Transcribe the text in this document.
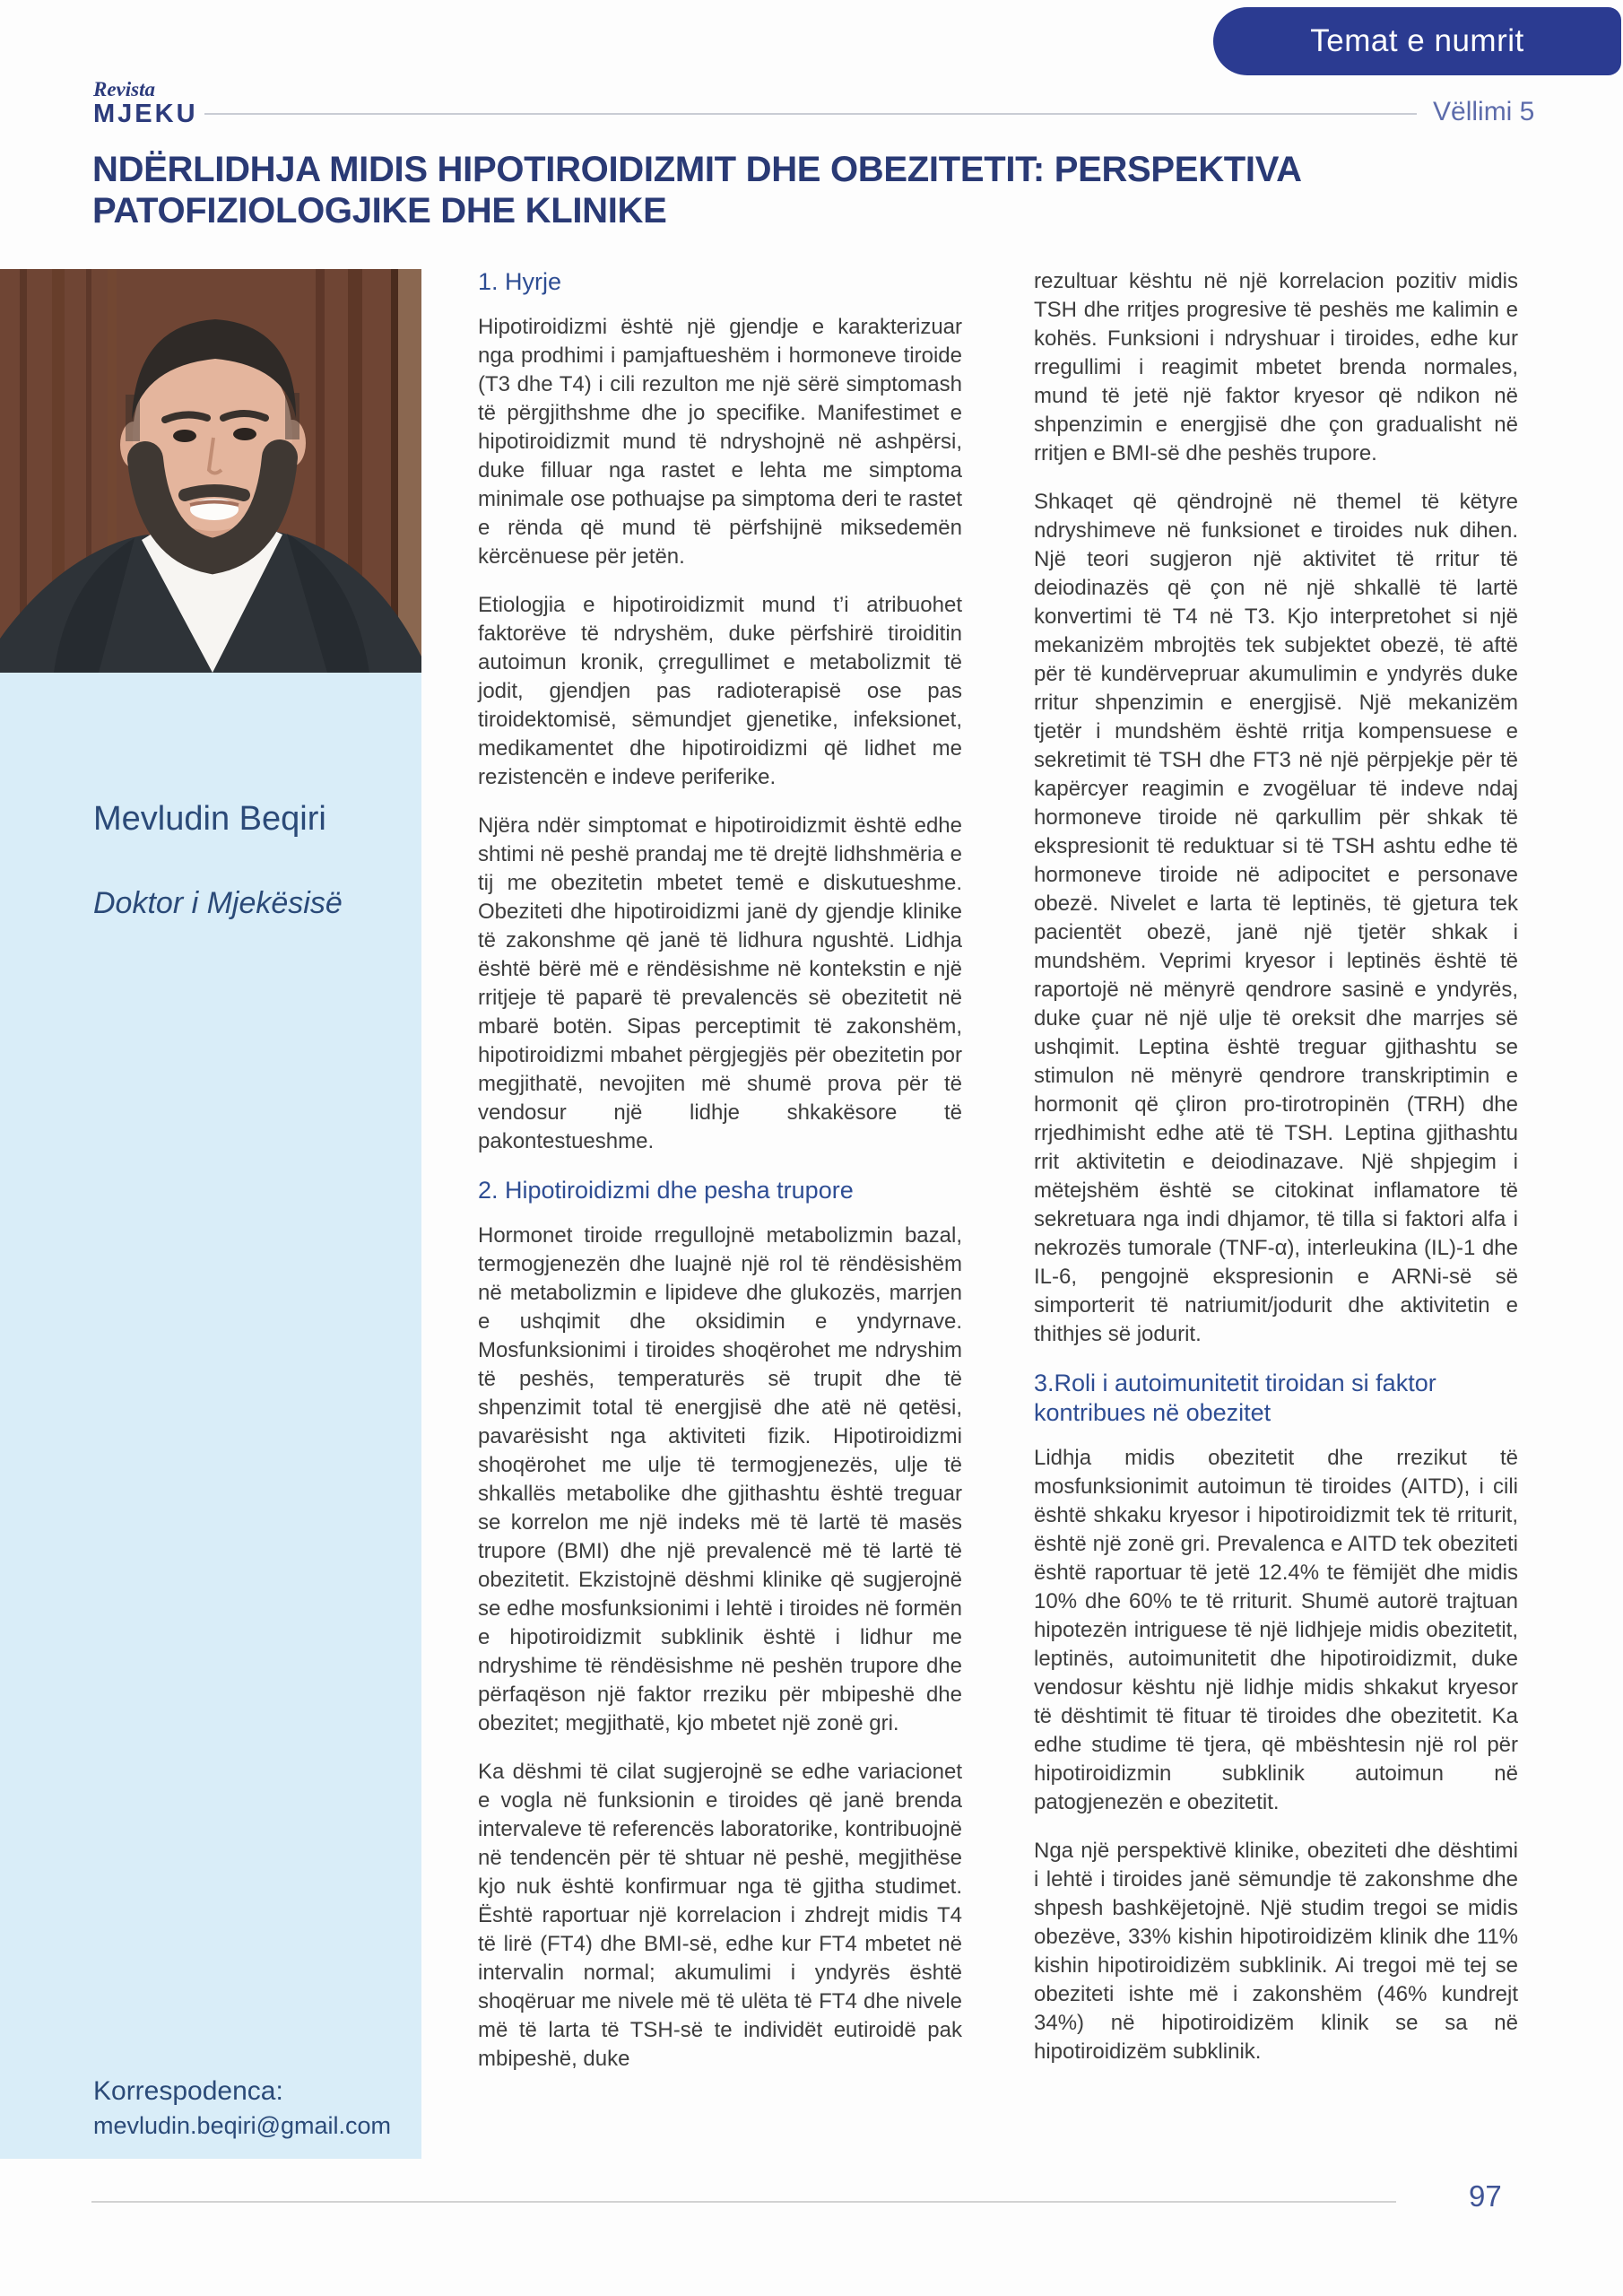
Temat e numrit
Revista
MJEKU	Vëllimi 5
NDËRLIDHJA MIDIS HIPOTIROIDIZMIT DHE OBEZITETIT: PERSPEKTIVA
PATOFIZIOLOGJIKE DHE KLINIKE
Mevludin Beqiri
Doktor i Mjekësisë
Korrespodenca:
mevludin.beqiri@gmail.com
1. Hyrje

Hipotiroidizmi është një gjendje e karakterizuar nga prodhimi i pamjaftueshëm i hormoneve tiroide (T3 dhe T4) i cili rezulton me një sërë simptomash të përgjithshme dhe jo specifike. Manifestimet e hipotiroidizmit mund të ndryshojnë në ashpërsi, duke filluar nga rastet e lehta me simptoma minimale ose pothuajse pa simptoma deri te rastet e rënda që mund të përfshijnë miksedemën kërcënuese për jetën.

Etiologjia e hipotiroidizmit mund t’i atribuohet faktorëve të ndryshëm, duke përfshirë tiroiditin autoimun kronik, çrregullimet e metabolizmit të jodit, gjendjen pas radioterapisë ose pas tiroidektomisë, sëmundjet gjenetike, infeksionet, medikamentet dhe hipotiroidizmi që lidhet me rezistencën e indeve periferike.

Njëra ndër simptomat e hipotiroidizmit është edhe shtimi në peshë prandaj me të drejtë lidhshmëria e tij me obezitetin mbetet temë e diskutueshme. Obeziteti dhe hipotiroidizmi janë dy gjendje klinike të zakonshme që janë të lidhura ngushtë. Lidhja është bërë më e rëndësishme në kontekstin e një rritjeje të paparë të prevalencës së obezitetit në mbarë botën. Sipas perceptimit të zakonshëm, hipotiroidizmi mbahet përgjegjës për obezitetin por megjithatë, nevojiten më shumë prova për të vendosur një lidhje shkakësore të pakontestueshme.

2. Hipotiroidizmi dhe pesha trupore

Hormonet tiroide rregullojnë metabolizmin bazal, termogjenezën dhe luajnë një rol të rëndësishëm në metabolizmin e lipideve dhe glukozës, marrjen e ushqimit dhe oksidimin e yndyrnave. Mosfunksionimi i tiroides shoqërohet me ndryshim të peshës, temperaturës së trupit dhe të shpenzimit total të energjisë dhe atë në qetësi, pavarësisht nga aktiviteti fizik. Hipotiroidizmi shoqërohet me ulje të termogjenezës, ulje të shkallës metabolike dhe gjithashtu është treguar se korrelon me një indeks më të lartë të masës trupore (BMI) dhe një prevalencë më të lartë të obezitetit. Ekzistojnë dëshmi klinike që sugjerojnë se edhe mosfunksionimi i lehtë i tiroides në formën e hipotiroidizmit subklinik është i lidhur me ndryshime të rëndësishme në peshën trupore dhe përfaqëson një faktor rreziku për mbipeshë dhe obezitet; megjithatë, kjo mbetet një zonë gri.

Ka dëshmi të cilat sugjerojnë se edhe variacionet e vogla në funksionin e tiroides që janë brenda intervaleve të referencës laboratorike, kontribuojnë në tendencën për të shtuar në peshë, megjithëse kjo nuk është konfirmuar nga të gjitha studimet. Është raportuar një korrelacion i zhdrejt midis T4 të lirë (FT4) dhe BMI-së, edhe kur FT4 mbetet në intervalin normal; akumulimi i yndyrës është shoqëruar me nivele më të ulëta të FT4 dhe nivele më të larta të TSH-së te individët eutiroidë pak mbipeshë, duke

rezultuar kështu në një korrelacion pozitiv midis TSH dhe rritjes progresive të peshës me kalimin e kohës. Funksioni i ndryshuar i tiroides, edhe kur rregullimi i reagimit mbetet brenda normales, mund të jetë një faktor kryesor që ndikon në shpenzimin e energjisë dhe çon gradualisht në rritjen e BMI-së dhe peshës trupore.

Shkaqet që qëndrojnë në themel të këtyre ndryshimeve në funksionet e tiroides nuk dihen. Një teori sugjeron një aktivitet të rritur të deiodinazës që çon në një shkallë të lartë konvertimi të T4 në T3. Kjo interpretohet si një mekanizëm mbrojtës tek subjektet obezë, të aftë për të kundërvepruar akumulimin e yndyrës duke rritur shpenzimin e energjisë. Një mekanizëm tjetër i mundshëm është rritja kompensuese e sekretimit të TSH dhe FT3 në një përpjekje për të kapërcyer reagimin e zvogëluar të indeve ndaj hormoneve tiroide në qarkullim për shkak të ekspresionit të reduktuar si të TSH ashtu edhe të hormoneve tiroide në adipocitet e personave obezë. Nivelet e larta të leptinës, të gjetura tek pacientët obezë, janë një tjetër shkak i mundshëm. Veprimi kryesor i leptinës është të raportojë në mënyrë qendrore sasinë e yndyrës, duke çuar në një ulje të oreksit dhe marrjes së ushqimit. Leptina është treguar gjithashtu se stimulon në mënyrë qendrore transkriptimin e hormonit që çliron pro-tirotropinën (TRH) dhe rrjedhimisht edhe atë të TSH. Leptina gjithashtu rrit aktivitetin e deiodinazave. Një shpjegim i mëtejshëm është se citokinat inflamatore të sekretuara nga indi dhjamor, të tilla si faktori alfa i nekrozës tumorale (TNF-α), interleukina (IL)-1 dhe IL-6, pengojnë ekspresionin e ARNi-së së simporterit të natriumit/jodurit dhe aktivitetin e thithjes së jodurit.

3.Roli i autoimunitetit tiroidan si faktor kontribues në obezitet

Lidhja midis obezitetit dhe rrezikut të mosfunksionimit autoimun të tiroides (AITD), i cili është shkaku kryesor i hipotiroidizmit tek të rriturit, është një zonë gri. Prevalenca e AITD tek obeziteti është raportuar të jetë 12.4% te fëmijët dhe midis 10% dhe 60% te të rriturit. Shumë autorë trajtuan hipotezën intriguese të një lidhjeje midis obezitetit, leptinës, autoimunitetit dhe hipotiroidizmit, duke vendosur kështu një lidhje midis shkakut kryesor të dështimit të fituar të tiroides dhe obezitetit. Ka edhe studime të tjera, që mbështesin një rol për hipotiroidizmin subklinik autoimun në patogjenezën e obezitetit.

Nga një perspektivë klinike, obeziteti dhe dështimi i lehtë i tiroides janë sëmundje të zakonshme dhe shpesh bashkëjetojnë. Një studim tregoi se midis obezëve, 33% kishin hipotiroidizëm klinik dhe 11% kishin hipotiroidizëm subklinik. Ai tregoi më tej se obeziteti ishte më i zakonshëm (46% kundrejt 34%) në hipotiroidizëm klinik se sa në hipotiroidizëm subklinik.

97
